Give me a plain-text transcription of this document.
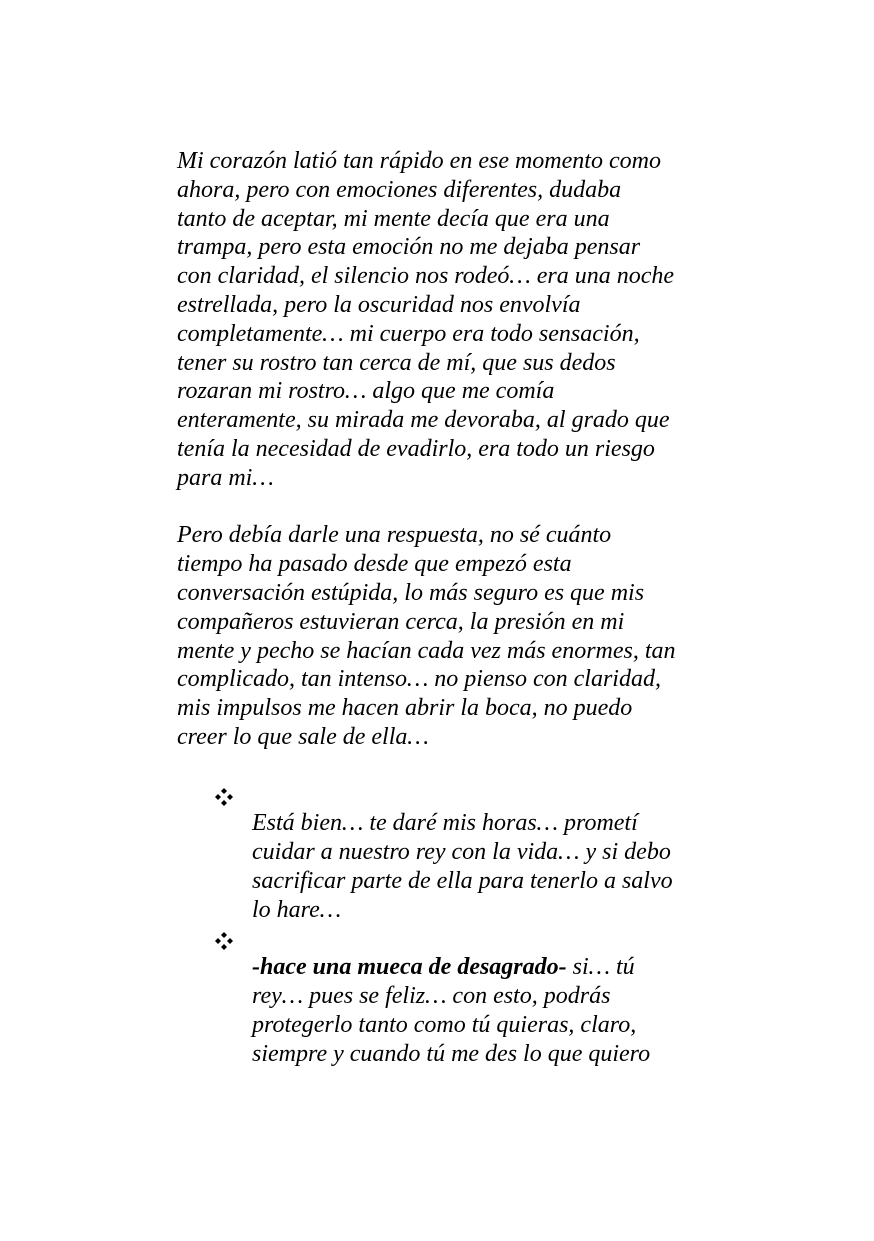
Mi corazón latió tan rápido en ese momento como
ahora, pero con emociones diferentes, dudaba
tanto de aceptar, mi mente decía que era una
trampa, pero esta emoción no me dejaba pensar
con claridad, el silencio nos rodeó… era una noche
estrellada, pero la oscuridad nos envolvía
completamente… mi cuerpo era todo sensación,
tener su rostro tan cerca de mí, que sus dedos
rozaran mi rostro… algo que me comía
enteramente, su mirada me devoraba, al grado que
tenía la necesidad de evadirlo, era todo un riesgo
para mi…

Pero debía darle una respuesta, no sé cuánto
tiempo ha pasado desde que empezó esta
conversación estúpida, lo más seguro es que mis
compañeros estuvieran cerca, la presión en mi
mente y pecho se hacían cada vez más enormes, tan
complicado, tan intenso… no pienso con claridad,
mis impulsos me hacen abrir la boca, no puedo
creer lo que sale de ella…

Está bien… te daré mis horas… prometí
cuidar a nuestro rey con la vida… y si debo
sacrificar parte de ella para tenerlo a salvo
lo hare…

-hace una mueca de desagrado- si… tú
rey… pues se feliz… con esto, podrás
protegerlo tanto como tú quieras, claro,
siempre y cuando tú me des lo que quiero
